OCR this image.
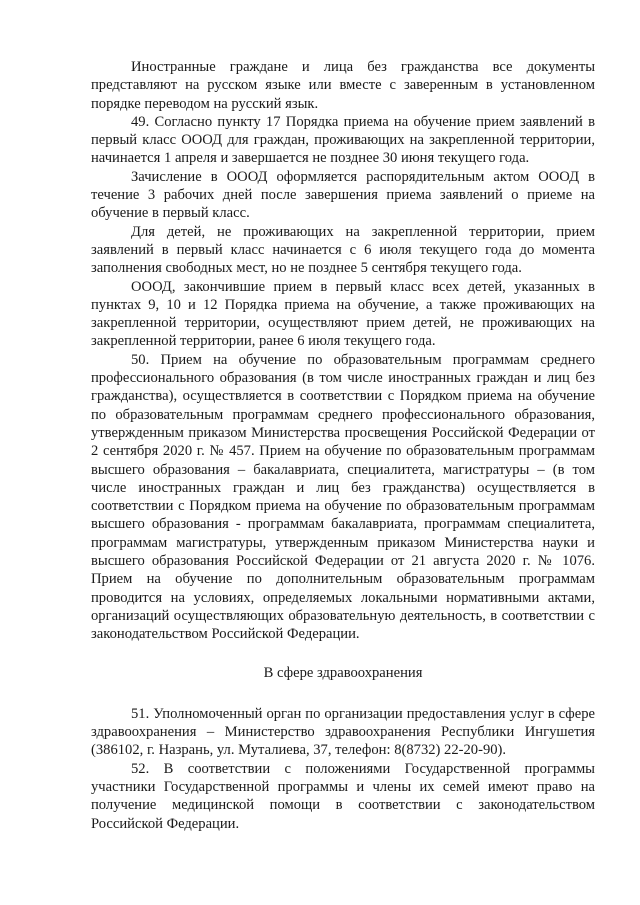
Иностранные граждане и лица без гражданства все документы представляют на русском языке или вместе с заверенным в установленном порядке переводом на русский язык.

49. Согласно пункту 17 Порядка приема на обучение прием заявлений в первый класс ОООД для граждан, проживающих на закрепленной территории, начинается 1 апреля и завершается не позднее 30 июня текущего года.

Зачисление в ОООД оформляется распорядительным актом ОООД в течение 3 рабочих дней после завершения приема заявлений о приеме на обучение в первый класс.

Для детей, не проживающих на закрепленной территории, прием заявлений в первый класс начинается с 6 июля текущего года до момента заполнения свободных мест, но не позднее 5 сентября текущего года.

ОООД, закончившие прием в первый класс всех детей, указанных в пунктах 9, 10 и 12 Порядка приема на обучение, а также проживающих на закрепленной территории, осуществляют прием детей, не проживающих на закрепленной территории, ранее 6 июля текущего года.

50. Прием на обучение по образовательным программам среднего профессионального образования (в том числе иностранных граждан и лиц без гражданства), осуществляется в соответствии с Порядком приема на обучение по образовательным программам среднего профессионального образования, утвержденным приказом Министерства просвещения Российской Федерации от 2 сентября 2020 г. № 457. Прием на обучение по образовательным программам высшего образования – бакалавриата, специалитета, магистратуры – (в том числе иностранных граждан и лиц без гражданства) осуществляется в соответствии с Порядком приема на обучение по образовательным программам высшего образования - программам бакалавриата, программам специалитета, программам магистратуры, утвержденным приказом Министерства науки и высшего образования Российской Федерации от 21 августа 2020 г. № 1076. Прием на обучение по дополнительным образовательным программам проводится на условиях, определяемых локальными нормативными актами, организаций осуществляющих образовательную деятельность, в соответствии с законодательством Российской Федерации.

В сфере здравоохранения

51. Уполномоченный орган по организации предоставления услуг в сфере здравоохранения – Министерство здравоохранения Республики Ингушетия (386102, г. Назрань, ул. Муталиева, 37, телефон: 8(8732) 22-20-90).

52. В соответствии с положениями Государственной программы участники Государственной программы и члены их семей имеют право на получение медицинской помощи в соответствии с законодательством Российской Федерации.
